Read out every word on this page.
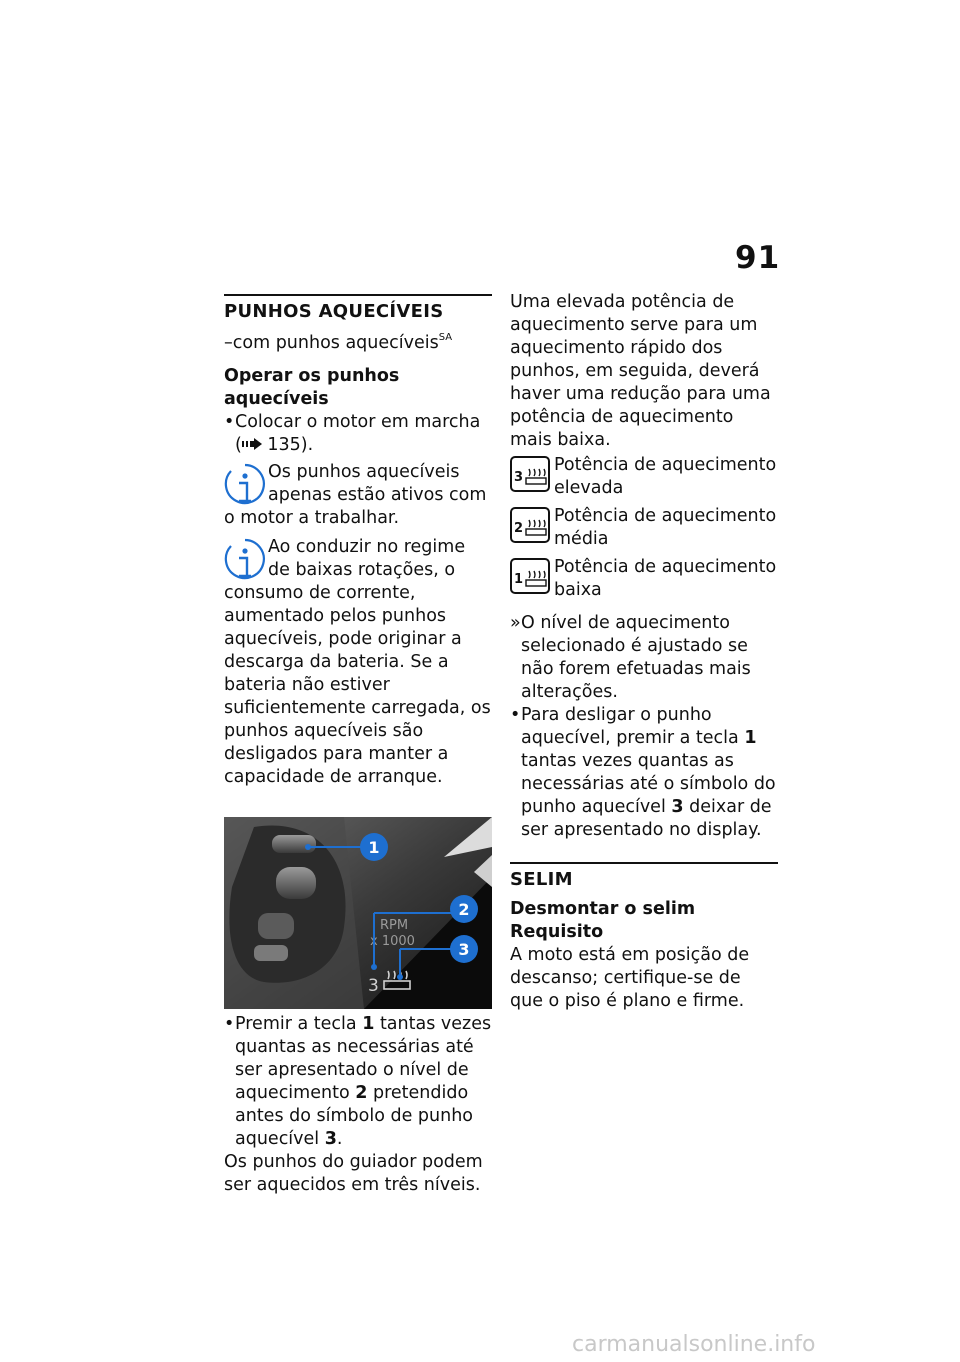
91
PUNHOS AQUECÍVEIS

–com punhos aquecíveis$^{SA}$

Operar os punhos aquecíveis
• Colocar o motor em marcha
( 135).
Os punhos aquecíveis apenas estão ativos com o motor a trabalhar.
Ao conduzir no regime de baixas rotações, o consumo de corrente, aumentado pelos punhos aquecíveis, pode originar a descarga da bateria. Se a bateria não estiver suficientemente carregada, os punhos aquecíveis são desligados para manter a capacidade de arranque.
RPM
x 1000
3
1
2
3
• Premir a tecla 1 tantas vezes quantas as necessárias até ser apresentado o nível de aquecimento 2 pretendido antes do símbolo de punho aquecível 3.

Os punhos do guiador podem ser aquecidos em três níveis.

Uma elevada potência de aquecimento serve para um aquecimento rápido dos punhos, em seguida, deverá haver uma redução para uma potência de aquecimento mais baixa.

3
Potência de aquecimento elevada
2
Potência de aquecimento média
1
Potência de aquecimento baixa
» O nível de aquecimento selecionado é ajustado se não forem efetuadas mais alterações.
• Para desligar o punho aquecível, premir a tecla 1 tantas vezes quantas as necessárias até o símbolo do punho aquecível 3 deixar de ser apresentado no display.
SELIM
Desmontar o selim
Requisito

A moto está em posição de descanso; certifique-se de que o piso é plano e firme.

carmanualsonline.info
